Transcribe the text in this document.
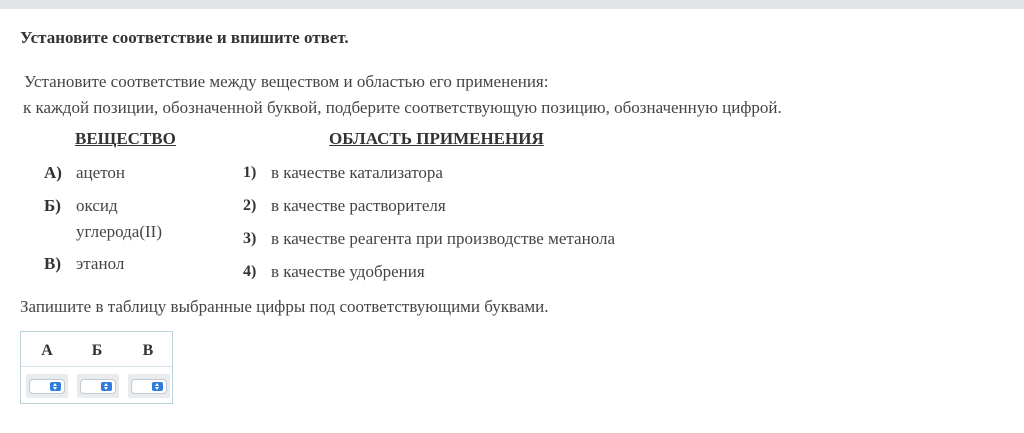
Установите соответствие и впишите ответ.
Установите соответствие между веществом и областью его применения:
к каждой позиции, обозначенной буквой, подберите соответствующую позицию, обозначенную цифрой.
ВЕЩЕСТВО	ОБЛАСТЬ ПРИМЕНЕНИЯ
А) ацетон
Б) оксид
углерода(II)
В) этанол
1) в качестве катализатора
2) в качестве растворителя
3) в качестве реагента при производстве метанола
4) в качестве удобрения
Запишите в таблицу выбранные цифры под соответствующими буквами.
А Б	В
